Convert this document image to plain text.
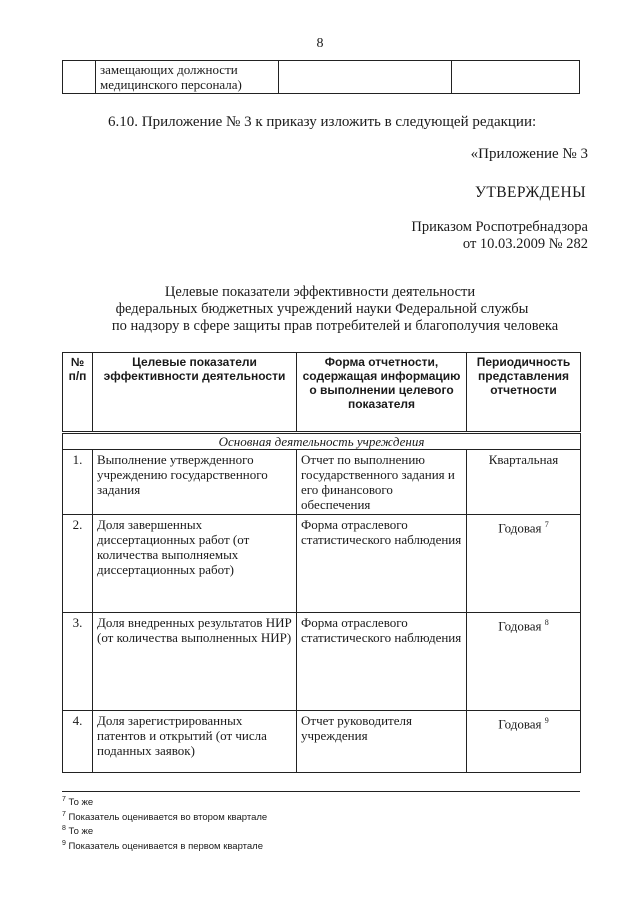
8

замещающих должности
медицинского персонала)

6.10. Приложение № 3 к приказу изложить в следующей редакции:
«Приложение № 3
УТВЕРЖДЕНЫ
Приказом Роспотребнадзора
от 10.03.2009 № 282
Целевые показатели эффективности деятельности
федеральных бюджетных учреждений науки Федеральной службы
по надзору в сфере защиты прав потребителей и благополучия человека
№
п/п	Целевые показатели эффективности деятельности	Форма отчетности, содержащая информацию о выполнении целевого показателя	Периодичность представления отчетности
Основная деятельность учреждения			
1.	Выполнение утвержденного учреждению государственного задания	Отчет по выполнению государственного задания и его финансового обеспечения	Квартальная
2.	Доля завершенных диссертационных работ (от количества выполняемых диссертационных работ)	Форма отраслевого статистического наблюдения	Годовая $^7$
3.	Доля внедренных результатов НИР (от количества выполненных НИР)	Форма отраслевого статистического наблюдения	Годовая $^8$
4.	Доля зарегистрированных патентов и открытий (от числа поданных заявок)	Отчет руководителя учреждения	Годовая $^9$
$^7$ То же
$^7$ Показатель оценивается во втором квартале
$^8$ То же
$^9$ Показатель оценивается в первом квартале
